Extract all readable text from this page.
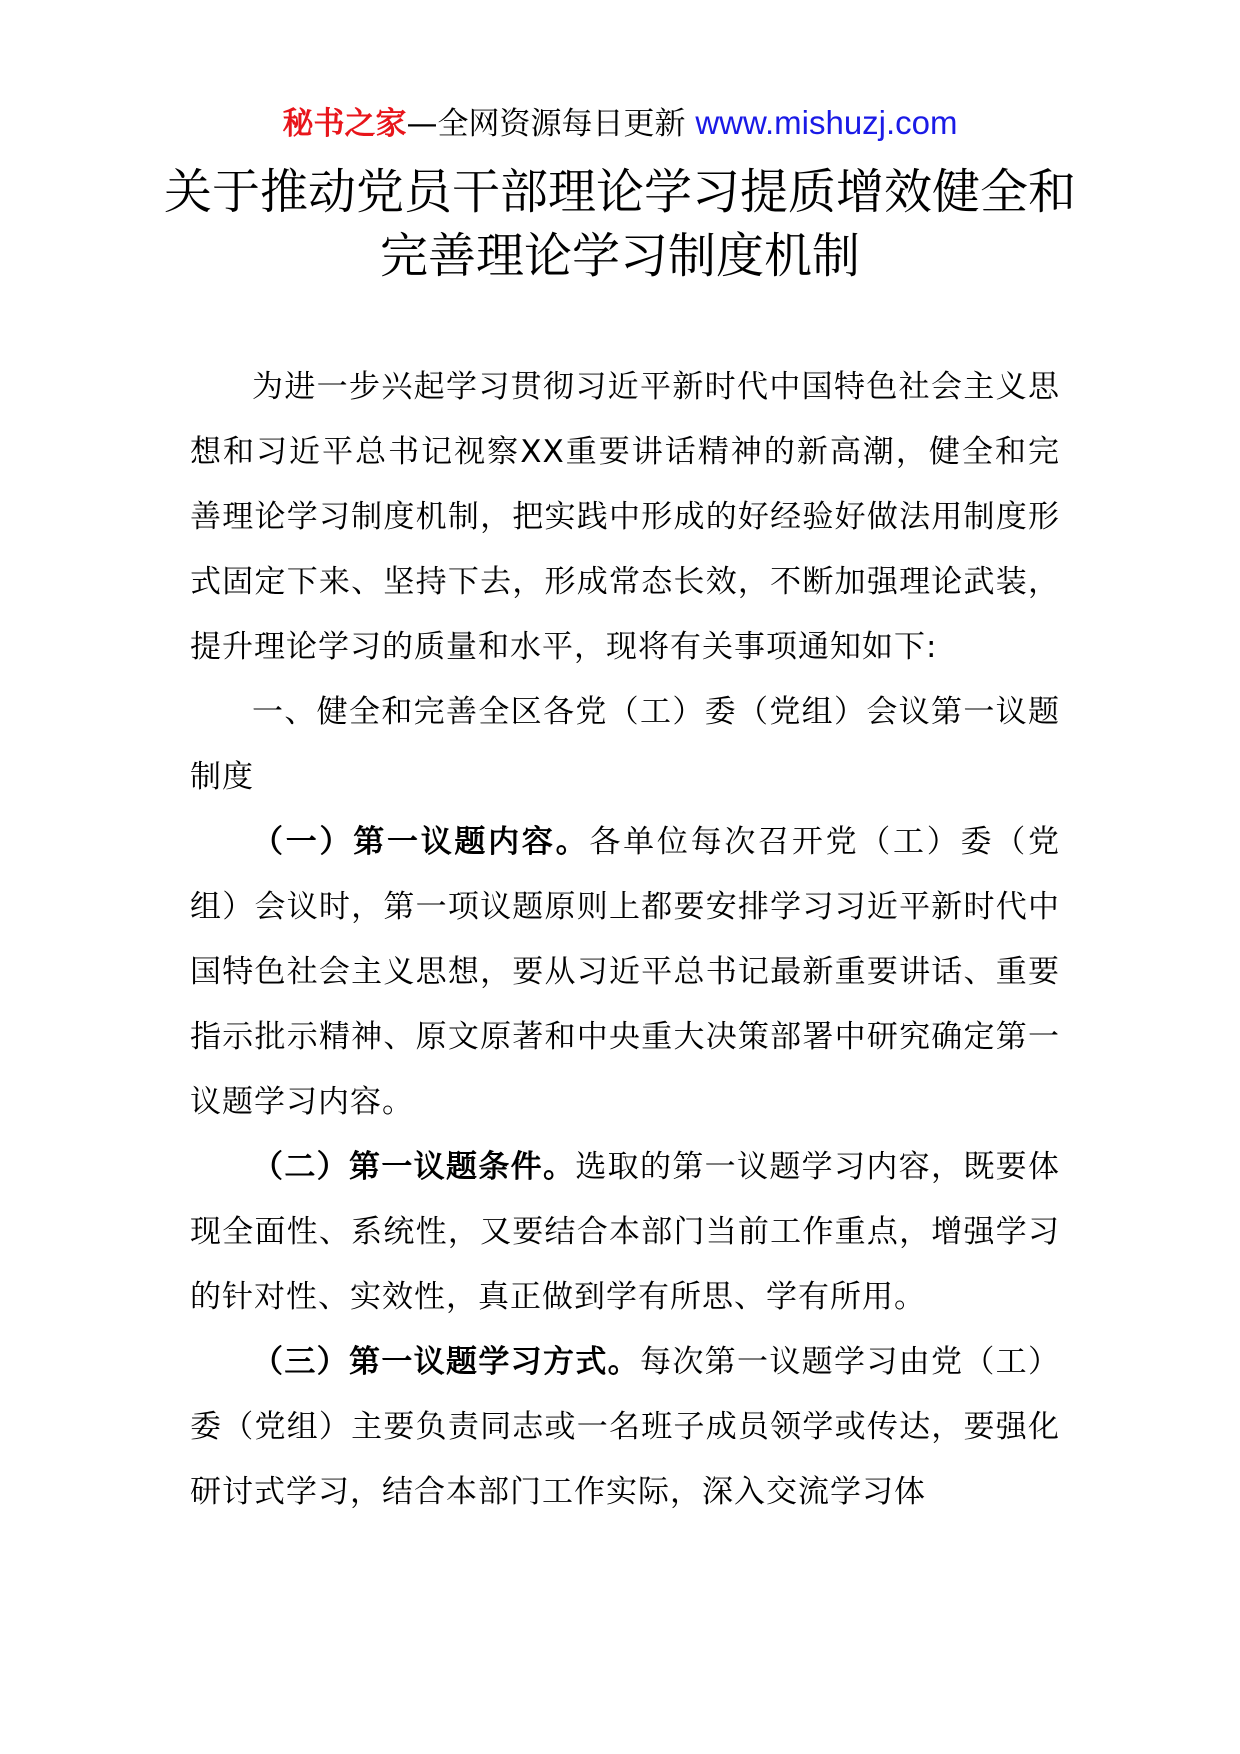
秘书之家—全网资源每日更新 www.mishuzj.com
关于推动党员干部理论学习提质增效健全和
完善理论学习制度机制

为进一步兴起学习贯彻习近平新时代中国特色社会主义思想和习近平总书记视察XX重要讲话精神的新高潮，健全和完善理论学习制度机制，把实践中形成的好经验好做法用制度形式固定下来、坚持下去，形成常态长效，不断加强理论武装，提升理论学习的质量和水平，现将有关事项通知如下:

一、健全和完善全区各党（工）委（党组）会议第一议题制度

（一）第一议题内容。各单位每次召开党（工）委（党组）会议时，第一项议题原则上都要安排学习习近平新时代中国特色社会主义思想，要从习近平总书记最新重要讲话、重要指示批示精神、原文原著和中央重大决策部署中研究确定第一议题学习内容。

（二）第一议题条件。选取的第一议题学习内容，既要体现全面性、系统性，又要结合本部门当前工作重点，增强学习的针对性、实效性，真正做到学有所思、学有所用。

（三）第一议题学习方式。每次第一议题学习由党（工）委（党组）主要负责同志或一名班子成员领学或传达，要强化研讨式学习，结合本部门工作实际，深入交流学习体
